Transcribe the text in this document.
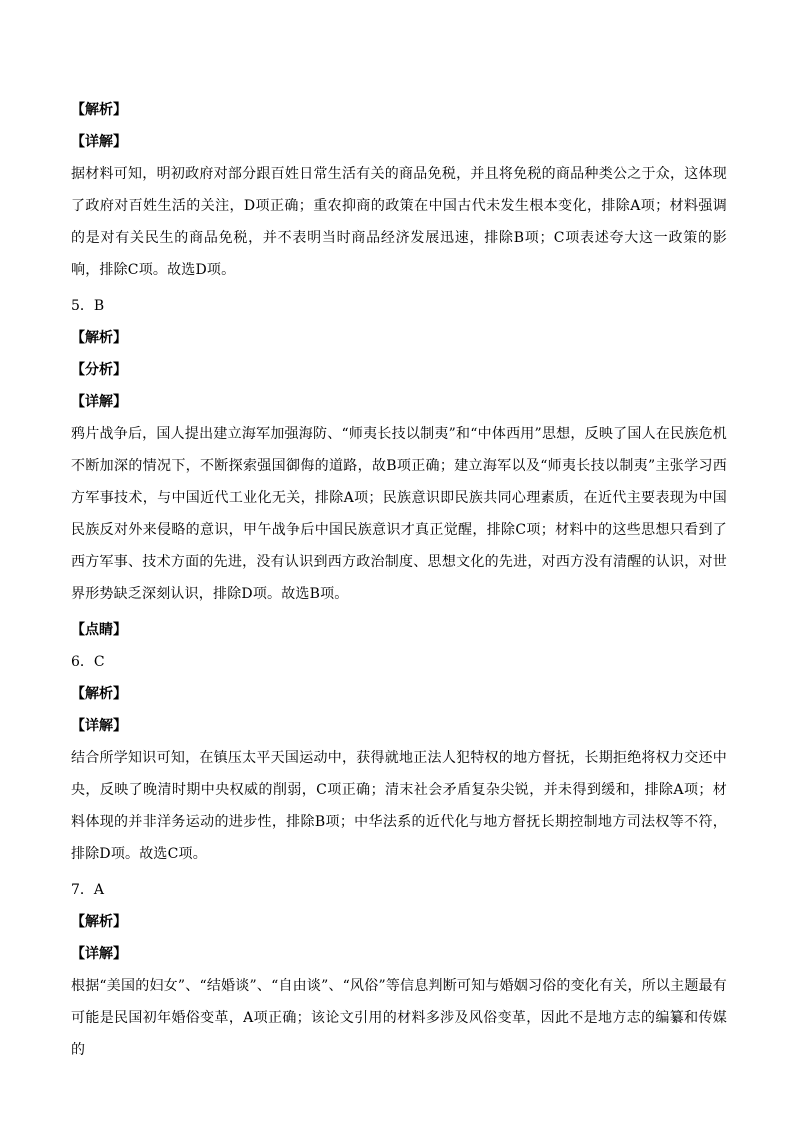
【解析】
【详解】
据材料可知，明初政府对部分跟百姓日常生活有关的商品免税，并且将免税的商品种类公之于众，这体现了政府对百姓生活的关注，D项正确；重农抑商的政策在中国古代未发生根本变化，排除A项；材料强调的是对有关民生的商品免税，并不表明当时商品经济发展迅速，排除B项；C项表述夸大这一政策的影响，排除C项。故选D项。
5．B
【解析】
【分析】
【详解】
鸦片战争后，国人提出建立海军加强海防、“师夷长技以制夷”和“中体西用”思想，反映了国人在民族危机不断加深的情况下，不断探索强国御侮的道路，故B项正确；建立海军以及“师夷长技以制夷”主张学习西方军事技术，与中国近代工业化无关，排除A项；民族意识即民族共同心理素质，在近代主要表现为中国民族反对外来侵略的意识，甲午战争后中国民族意识才真正觉醒，排除C项；材料中的这些思想只看到了西方军事、技术方面的先进，没有认识到西方政治制度、思想文化的先进，对西方没有清醒的认识，对世界形势缺乏深刻认识，排除D项。故选B项。
【点睛】
6．C
【解析】
【详解】
结合所学知识可知，在镇压太平天国运动中，获得就地正法人犯特权的地方督抚，长期拒绝将权力交还中央，反映了晚清时期中央权威的削弱，C项正确；清末社会矛盾复杂尖锐，并未得到缓和，排除A项；材料体现的并非洋务运动的进步性，排除B项；中华法系的近代化与地方督抚长期控制地方司法权等不符，排除D项。故选C项。
7．A
【解析】
【详解】
根据“美国的妇女”、“结婚谈”、“自由谈”、“风俗”等信息判断可知与婚姻习俗的变化有关，所以主题最有可能是民国初年婚俗变革，A项正确；该论文引用的材料多涉及风俗变革，因此不是地方志的编纂和传媒的
